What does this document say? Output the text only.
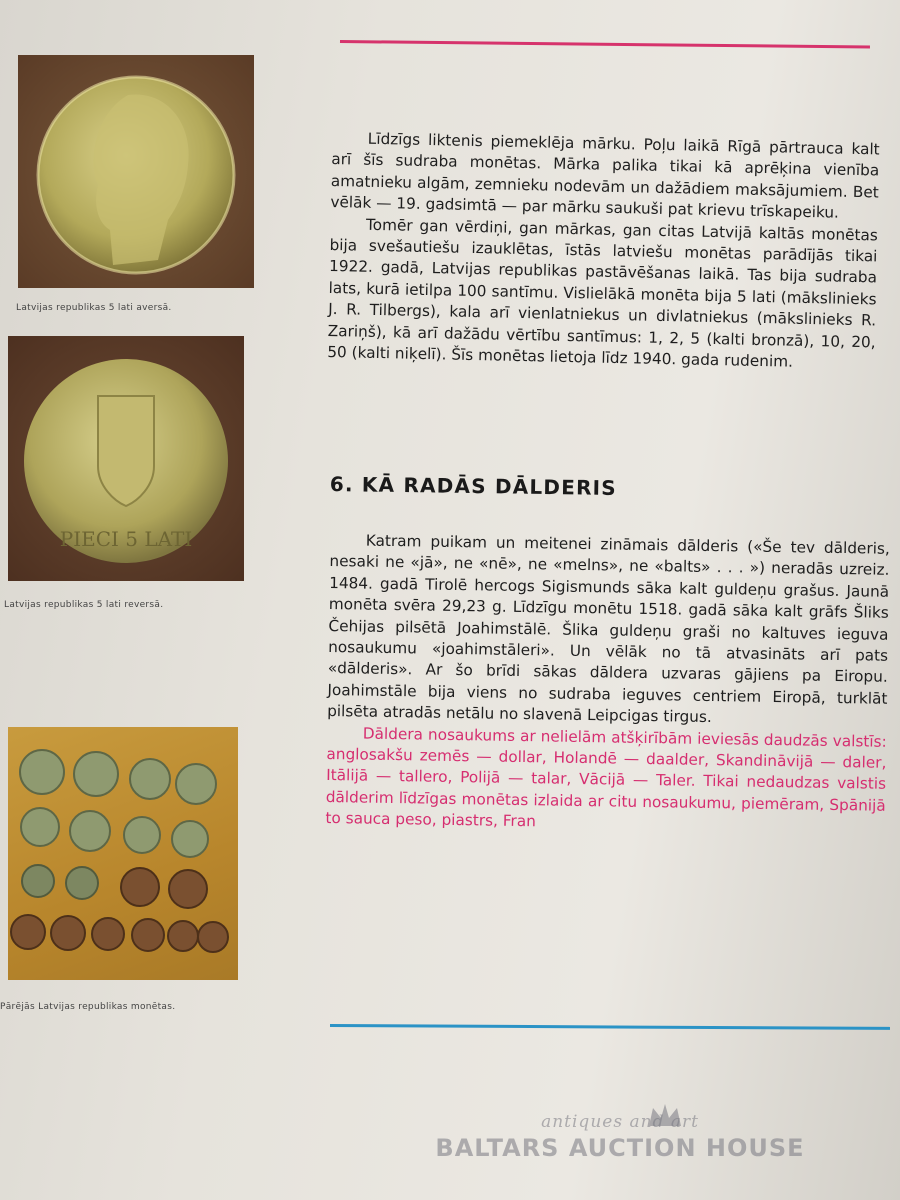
Latvijas republikas 5 lati aversā.
PIECI 5 LATI
Latvijas republikas 5 lati reversā.
Pārējās Latvijas republikas monētas.

Līdzīgs liktenis piemeklēja mārku. Poļu laikā Rīgā pārtrauca kalt arī šīs sudraba monētas. Mārka palika tikai kā aprēķina vienība amatnieku algām, zemnieku nodevām un dažādiem maksājumiem. Bet vēlāk — 19. gadsimtā — par mārku saukuši pat krievu trīskapeiku.

Tomēr gan vērdiņi, gan mārkas, gan citas Latvijā kaltās monētas bija svešautiešu izauklētas, īstās latviešu monētas parādījās tikai 1922. gadā, Latvijas republikas pastāvēšanas laikā. Tas bija sudraba lats, kurā ietilpa 100 santīmu. Vislielākā monēta bija 5 lati (mākslinieks J. R. Tilbergs), kala arī vienlatniekus un divlatniekus (mākslinieks R. Zariņš), kā arī dažādu vērtību santīmus: 1, 2, 5 (kalti bronzā), 10, 20, 50 (kalti niķelī). Šīs monētas lietoja līdz 1940. gada rudenim.

6. KĀ RADĀS DĀLDERIS

Katram puikam un meitenei zināmais dālderis («Še tev dālderis, nesaki ne «jā», ne «nē», ne «melns», ne «balts» . . . ») neradās uzreiz. 1484. gadā Tirolē hercogs Sigismunds sāka kalt guldeņu grašus. Jaunā monēta svēra 29,23 g. Līdzīgu monētu 1518. gadā sāka kalt grāfs Šliks Čehijas pilsētā Joahimstālē. Šlika guldeņu graši no kaltuves ieguva nosaukumu «joahimstāleri». Un vēlāk no tā atvasināts arī pats «dālderis». Ar šo brīdi sākas dāldera uzvaras gājiens pa Eiropu. Joahimstāle bija viens no sudraba ieguves centriem Eiropā, turklāt pilsēta atradās netālu no slavenā Leipcigas tirgus.

Dāldera nosaukums ar nelielām atšķirībām ieviesās daudzās valstīs: anglosakšu zemēs — dollar, Holandē — daalder, Skandināvijā — daler, Itālijā — tallero, Polijā — talar, Vācijā — Taler. Tikai nedaudzas valstis dālderim līdzīgas monētas izlaida ar citu nosaukumu, piemēram, Spānijā to sauca peso, piastrs, Fran

antiques and art
BALTARS AUCTION HOUSE
